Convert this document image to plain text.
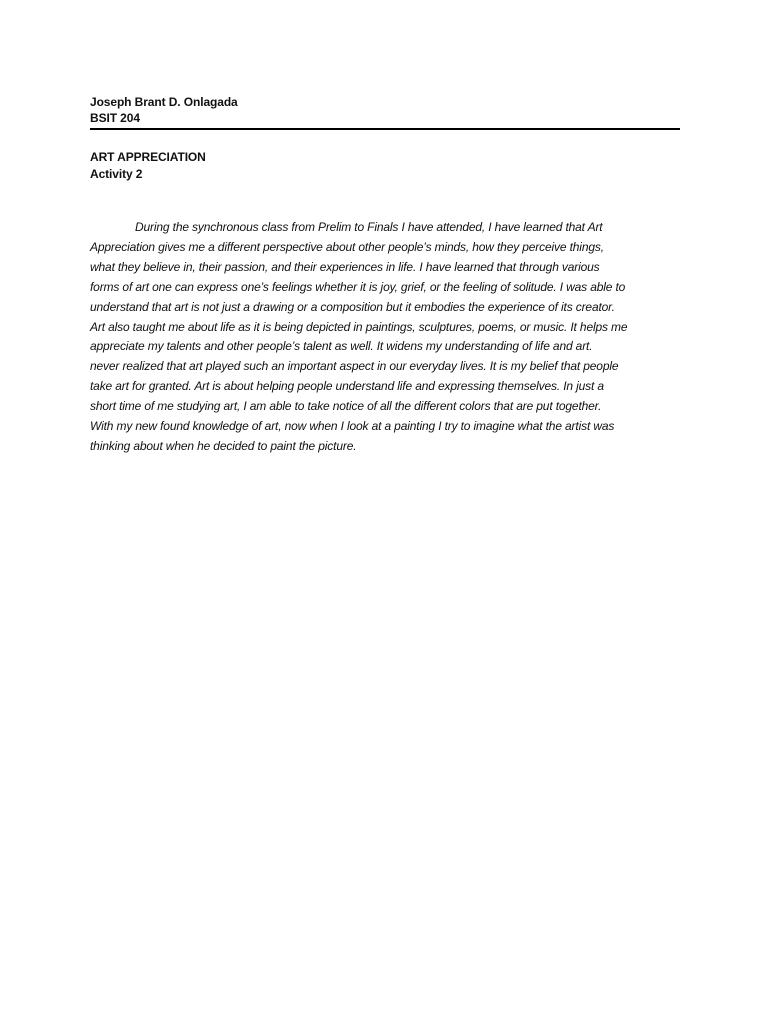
Joseph Brant D. Onlagada
BSIT 204
ART APPRECIATION
Activity 2
During the synchronous class from Prelim to Finals I have attended, I have learned that Art
Appreciation gives me a different perspective about other people’s minds, how they perceive things,
what they believe in, their passion, and their experiences in life. I have learned that through various
forms of art one can express one’s feelings whether it is joy, grief, or the feeling of solitude. I was able to
understand that art is not just a drawing or a composition but it embodies the experience of its creator.
Art also taught me about life as it is being depicted in paintings, sculptures, poems, or music. It helps me
appreciate my talents and other people’s talent as well. It widens my understanding of life and art.
never realized that art played such an important aspect in our everyday lives. It is my belief that people
take art for granted. Art is about helping people understand life and expressing themselves. In just a
short time of me studying art, I am able to take notice of all the different colors that are put together.
With my new found knowledge of art, now when I look at a painting I try to imagine what the artist was
thinking about when he decided to paint the picture.
